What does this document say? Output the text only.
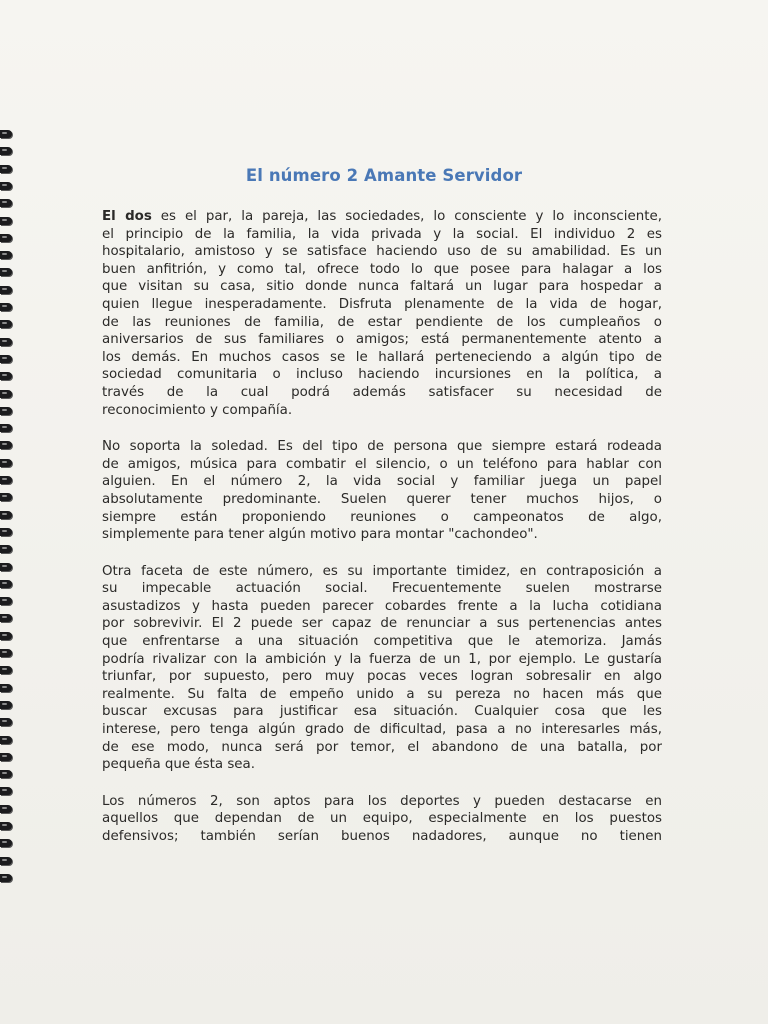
El número 2 Amante Servidor
El dos es el par, la pareja, las sociedades, lo consciente y lo inconsciente,
el principio de la familia, la vida privada y la social. El individuo 2 es
hospitalario, amistoso y se satisface haciendo uso de su amabilidad. Es un
buen anfitrión, y como tal, ofrece todo lo que posee para halagar a los
que visitan su casa, sitio donde nunca faltará un lugar para hospedar a
quien llegue inesperadamente. Disfruta plenamente de la vida de hogar,
de las reuniones de familia, de estar pendiente de los cumpleaños o
aniversarios de sus familiares o amigos; está permanentemente atento a
los demás. En muchos casos se le hallará perteneciendo a algún tipo de
sociedad comunitaria o incluso haciendo incursiones en la política, a
través de la cual podrá además satisfacer su necesidad de
reconocimiento y compañía.
No soporta la soledad. Es del tipo de persona que siempre estará rodeada
de amigos, música para combatir el silencio, o un teléfono para hablar con
alguien. En el número 2, la vida social y familiar juega un papel
absolutamente predominante. Suelen querer tener muchos hijos, o
siempre están proponiendo reuniones o campeonatos de algo,
simplemente para tener algún motivo para montar "cachondeo".
Otra faceta de este número, es su importante timidez, en contraposición a
su impecable actuación social. Frecuentemente suelen mostrarse
asustadizos y hasta pueden parecer cobardes frente a la lucha cotidiana
por sobrevivir. El 2 puede ser capaz de renunciar a sus pertenencias antes
que enfrentarse a una situación competitiva que le atemoriza. Jamás
podría rivalizar con la ambición y la fuerza de un 1, por ejemplo. Le gustaría
triunfar, por supuesto, pero muy pocas veces logran sobresalir en algo
realmente. Su falta de empeño unido a su pereza no hacen más que
buscar excusas para justificar esa situación. Cualquier cosa que les
interese, pero tenga algún grado de dificultad, pasa a no interesarles más,
de ese modo, nunca será por temor, el abandono de una batalla, por
pequeña que ésta sea.
Los números 2, son aptos para los deportes y pueden destacarse en
aquellos que dependan de un equipo, especialmente en los puestos
defensivos; también serían buenos nadadores, aunque no tienen
